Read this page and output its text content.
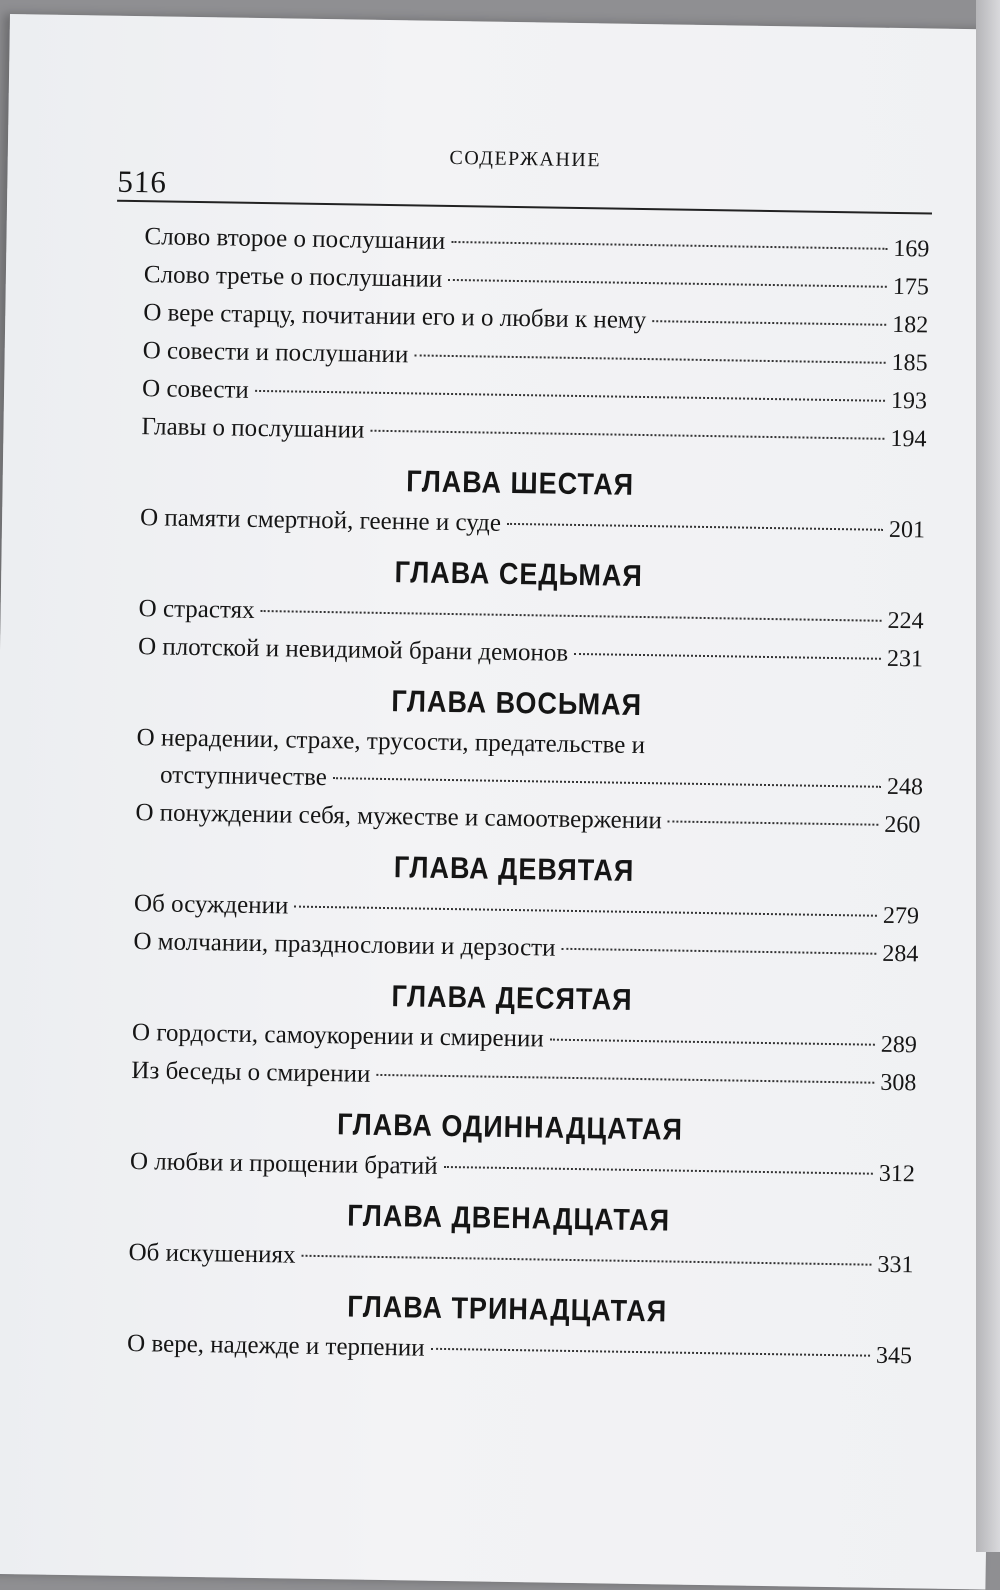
516
СОДЕРЖАНИЕ
Слово второе о послушании	169
Слово третье о послушании	175
О вере старцу, почитании его и о любви к нему	182
О совести и послушании	185
О совести	193
Главы о послушании	194
ГЛАВА ШЕСТАЯ
О памяти смертной, геенне и суде	201
ГЛАВА СЕДЬМАЯ
О страстях	224
О плотской и невидимой брани демонов	231
ГЛАВА ВОСЬМАЯ
О нерадении, страхе, трусости, предательстве и
отступничестве	248
О понуждении себя, мужестве и самоотвержении	260
ГЛАВА ДЕВЯТАЯ
Об осуждении	279
О молчании, празднословии и дерзости	284
ГЛАВА ДЕСЯТАЯ
О гордости, самоукорении и смирении	289
Из беседы о смирении	308
ГЛАВА ОДИННАДЦАТАЯ
О любви и прощении братий	312
ГЛАВА ДВЕНАДЦАТАЯ
Об искушениях	331
ГЛАВА ТРИНАДЦАТАЯ
О вере, надежде и терпении	345
